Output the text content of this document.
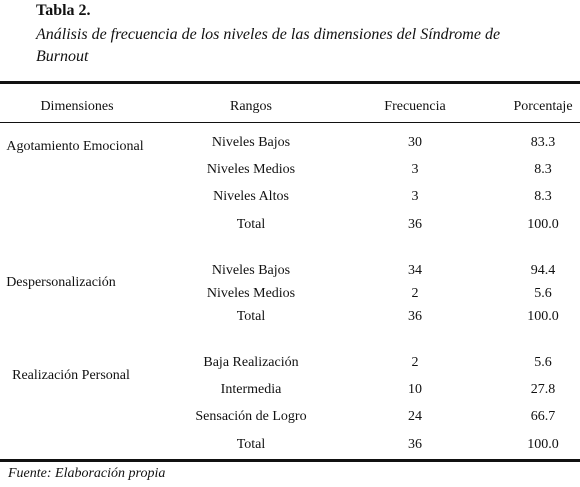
Tabla 2.
Análisis de frecuencia de los niveles de las dimensiones del Síndrome de
Burnout
Dimensiones	Rangos	Frecuencia	Porcentaje
Agotamiento Emocional	Niveles Bajos	30	83.3
Niveles Medios	3	8.3
Niveles Altos	3	8.3
Total	36	100.0
Despersonalización
Niveles Bajos	34	94.4
Niveles Medios	2	5.6
Total	36	100.0
Realización Personal
Baja Realización	2	5.6
Intermedia	10	27.8
Sensación de Logro	24	66.7
Total	36	100.0
Fuente: Elaboración propia
